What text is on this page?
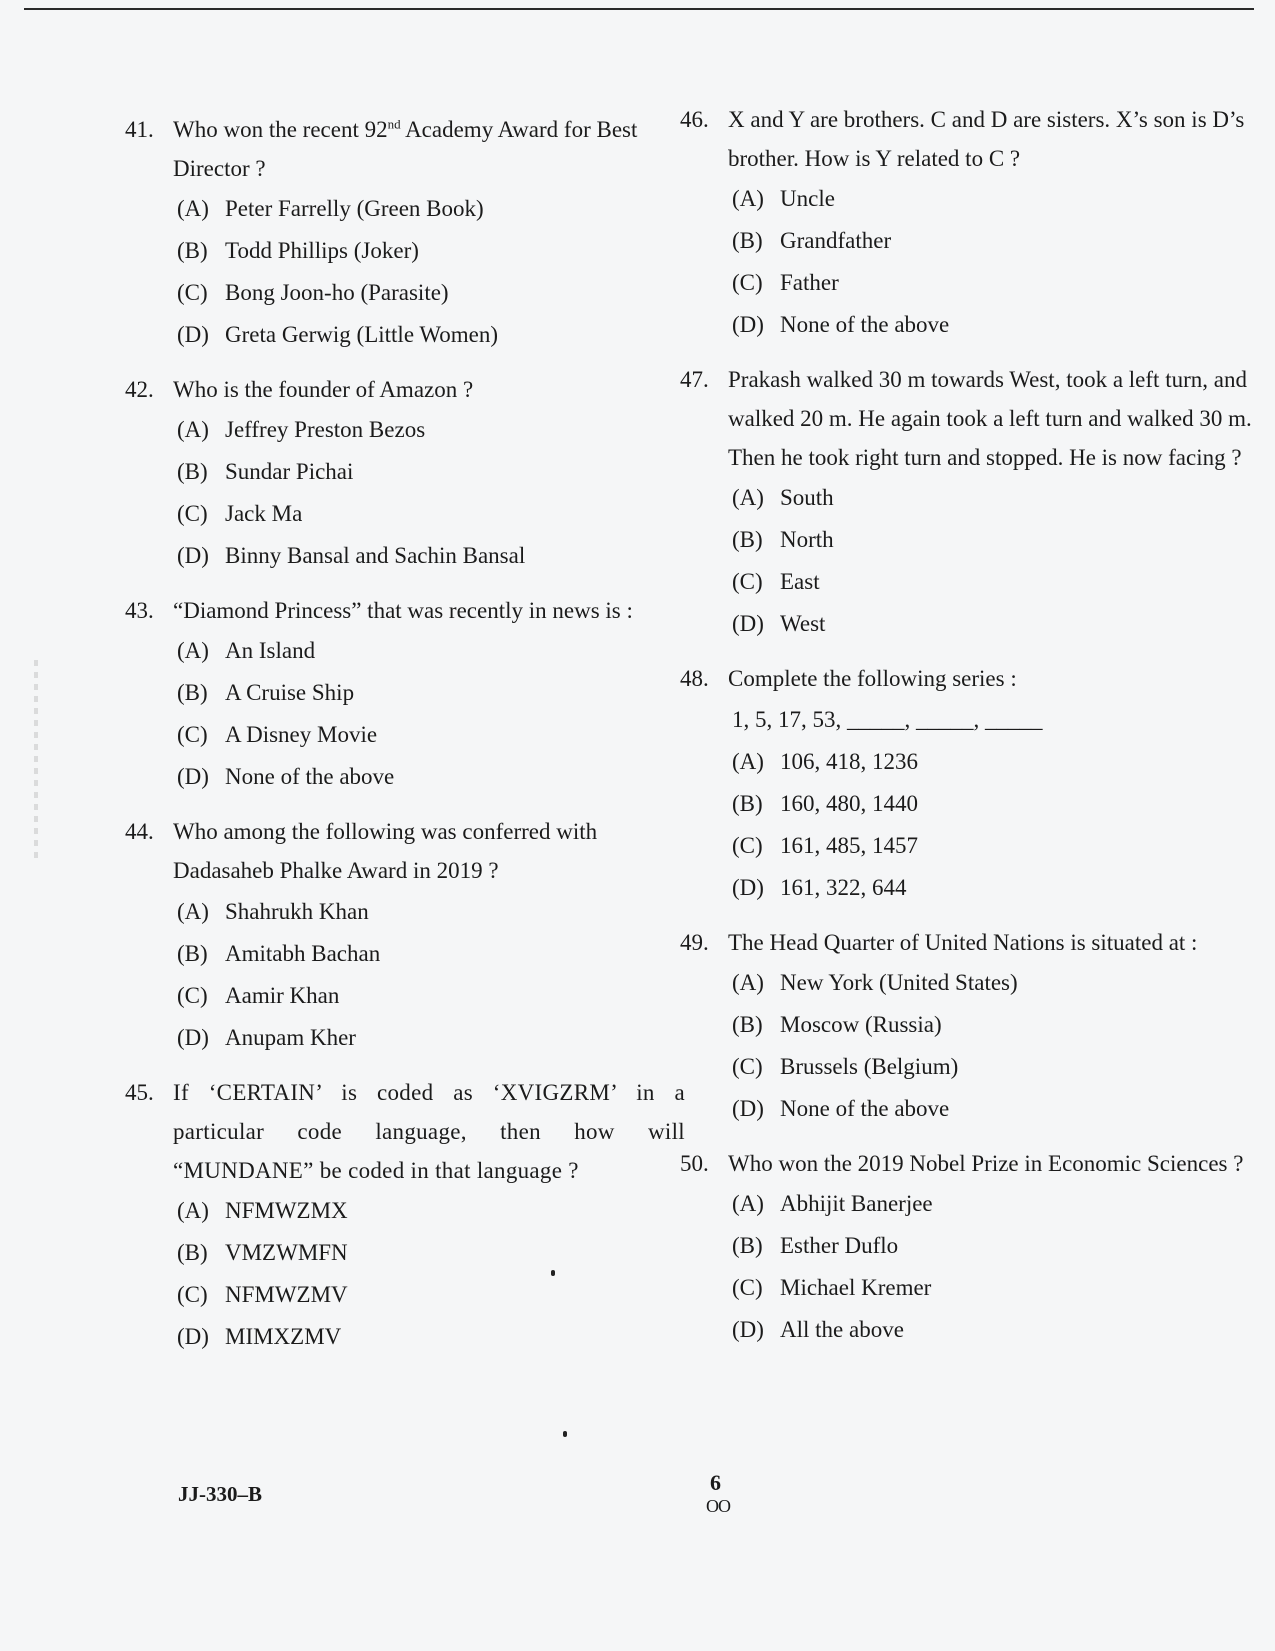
41. Who won the recent 92nd Academy Award for Best Director ?
(A) Peter Farrelly (Green Book)
(B) Todd Phillips (Joker)
(C) Bong Joon-ho (Parasite)
(D) Greta Gerwig (Little Women)
42. Who is the founder of Amazon ?
(A) Jeffrey Preston Bezos
(B) Sundar Pichai
(C) Jack Ma
(D) Binny Bansal and Sachin Bansal
43. “Diamond Princess” that was recently in news is :
(A) An Island
(B) A Cruise Ship
(C) A Disney Movie
(D) None of the above
44. Who among the following was conferred with Dadasaheb Phalke Award in 2019 ?
(A) Shahrukh Khan
(B) Amitabh Bachan
(C) Aamir Khan
(D) Anupam Kher
45. If ‘CERTAIN’ is coded as ‘XVIGZRM’ in a particular code language, then how will “MUNDANE” be coded in that language ?
(A) NFMWZMX
(B) VMZWMFN
(C) NFMWZMV
(D) MIMXZMV
46. X and Y are brothers. C and D are sisters. X’s son is D’s brother. How is Y related to C ?
(A) Uncle
(B) Grandfather
(C) Father
(D) None of the above
47. Prakash walked 30 m towards West, took a left turn, and walked 20 m. He again took a left turn and walked 30 m. Then he took right turn and stopped. He is now facing ?
(A) South
(B) North
(C) East
(D) West
48. Complete the following series :
1, 5, 17, 53, _____, _____, _____
(A) 106, 418, 1236
(B) 160, 480, 1440
(C) 161, 485, 1457
(D) 161, 322, 644
49. The Head Quarter of United Nations is situated at :
(A) New York (United States)
(B) Moscow (Russia)
(C) Brussels (Belgium)
(D) None of the above
50. Who won the 2019 Nobel Prize in Economic Sciences ?
(A) Abhijit Banerjee
(B) Esther Duflo
(C) Michael Kremer
(D) All the above
JJ-330–B	6
OO
